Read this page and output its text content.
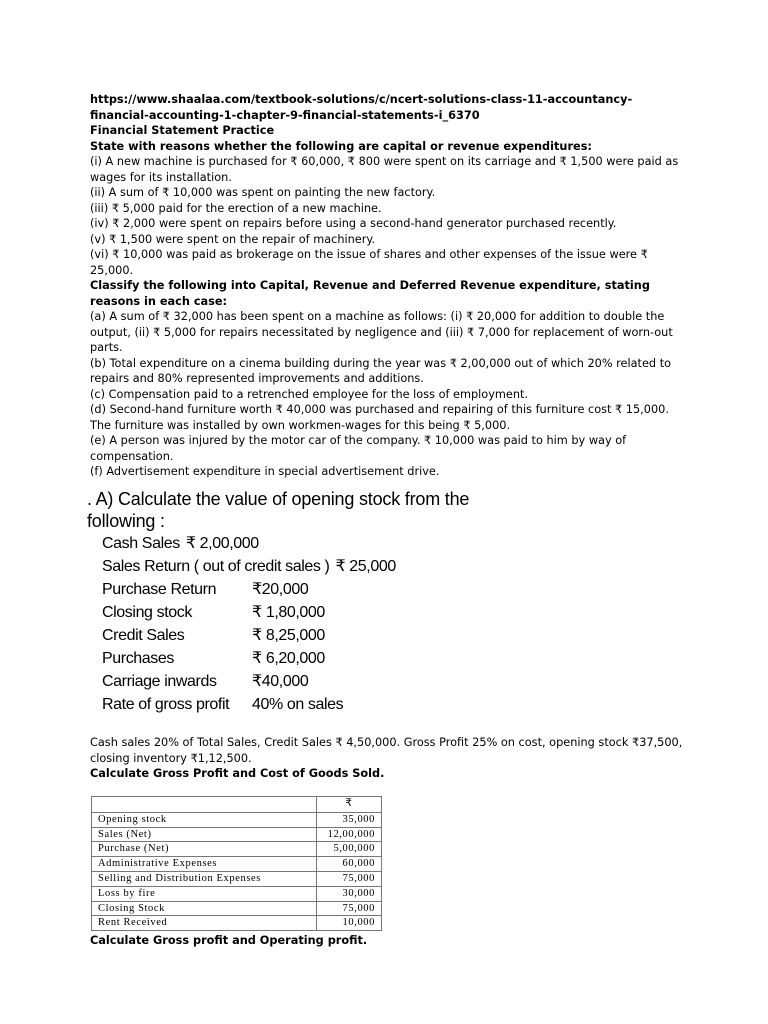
https://www.shaalaa.com/textbook-solutions/c/ncert-solutions-class-11-accountancy-
financial-accounting-1-chapter-9-financial-statements-i_6370
Financial Statement Practice
State with reasons whether the following are capital or revenue expenditures:
(i) A new machine is purchased for ₹ 60,000, ₹ 800 were spent on its carriage and ₹ 1,500 were paid as wages for its installation.
(ii) A sum of ₹ 10,000 was spent on painting the new factory.
(iii) ₹ 5,000 paid for the erection of a new machine.
(iv) ₹ 2,000 were spent on repairs before using a second-hand generator purchased recently.
(v) ₹ 1,500 were spent on the repair of machinery.
(vi) ₹ 10,000 was paid as brokerage on the issue of shares and other expenses of the issue were ₹ 25,000.
Classify the following into Capital, Revenue and Deferred Revenue expenditure, stating reasons in each case:
(a) A sum of ₹ 32,000 has been spent on a machine as follows: (i) ₹ 20,000 for addition to double the output, (ii) ₹ 5,000 for repairs necessitated by negligence and (iii) ₹ 7,000 for replacement of worn-out parts.
(b) Total expenditure on a cinema building during the year was ₹ 2,00,000 out of which 20% related to repairs and 80% represented improvements and additions.
(c) Compensation paid to a retrenched employee for the loss of employment.
(d) Second-hand furniture worth ₹ 40,000 was purchased and repairing of this furniture cost ₹ 15,000. The furniture was installed by own workmen-wages for this being ₹ 5,000.
(e) A person was injured by the motor car of the company. ₹ 10,000 was paid to him by way of compensation.
(f) Advertisement expenditure in special advertisement drive.
. A) Calculate the value of opening stock from the following :
Cash Sales ₹ 2,00,000
Sales Return ( out of credit sales ) ₹ 25,000
Purchase Return	₹20,000
Closing stock	₹ 1,80,000
Credit Sales	₹ 8,25,000
Purchases	₹ 6,20,000
Carriage inwards	₹40,000
Rate of gross profit	40% on sales
Cash sales 20% of Total Sales, Credit Sales ₹ 4,50,000. Gross Profit 25% on cost, opening stock ₹37,500, closing inventory ₹1,12,500.
Calculate Gross Profit and Cost of Goods Sold.
	₹
Opening stock	35,000
Sales (Net)	12,00,000
Purchase (Net)	5,00,000
Administrative Expenses	60,000
Selling and Distribution Expenses	75,000
Loss by fire	30,000
Closing Stock	75,000
Rent Received	10,000
Calculate Gross profit and Operating profit.
